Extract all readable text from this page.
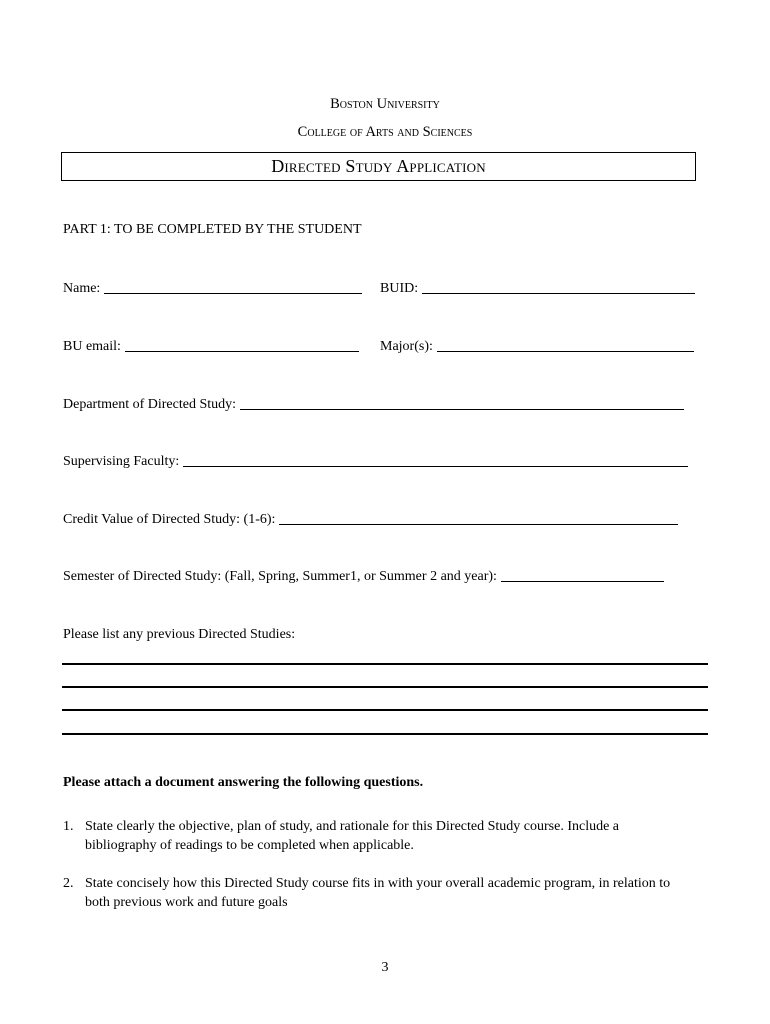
Boston University
College of Arts and Sciences
Directed Study Application
PART 1: TO BE COMPLETED BY THE STUDENT
Name:	BUID:
BU email:	Major(s):
Department of Directed Study:
Supervising Faculty:
Credit Value of Directed Study: (1-6):
Semester of Directed Study: (Fall, Spring, Summer1, or Summer 2 and year):
Please list any previous Directed Studies:
Please attach a document answering the following questions.
1. State clearly the objective, plan of study, and rationale for this Directed Study course. Include a bibliography of readings to be completed when applicable.
2. State concisely how this Directed Study course fits in with your overall academic program, in relation to both previous work and future goals
3
